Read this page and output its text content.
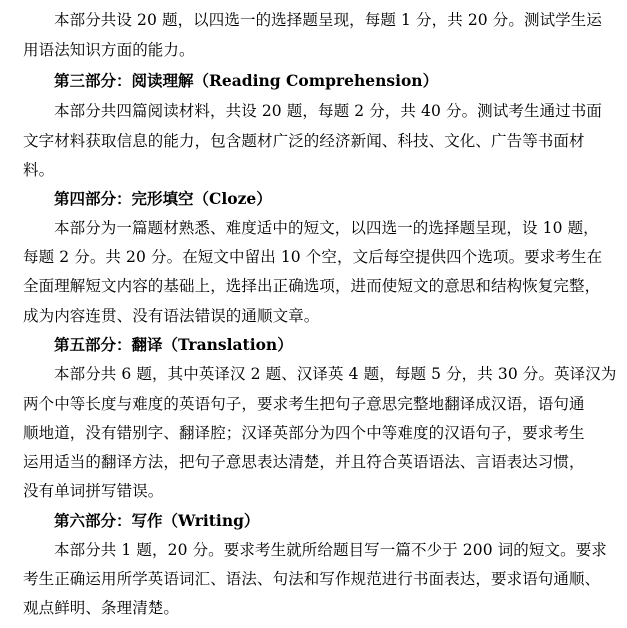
本部分共设 20 题，以四选一的选择题呈现，每题 1 分，共 20 分。测试学生运
用语法知识方面的能力。
第三部分：阅读理解（Reading Comprehension）
本部分共四篇阅读材料，共设 20 题，每题 2 分，共 40 分。测试考生通过书面
文字材料获取信息的能力，包含题材广泛的经济新闻、科技、文化、广告等书面材
料。
第四部分：完形填空（Cloze）
本部分为一篇题材熟悉、难度适中的短文，以四选一的选择题呈现，设 10 题，
每题 2 分。共 20 分。在短文中留出 10 个空，文后每空提供四个选项。要求考生在
全面理解短文内容的基础上，选择出正确选项，进而使短文的意思和结构恢复完整，
成为内容连贯、没有语法错误的通顺文章。
第五部分：翻译（Translation）
本部分共 6 题，其中英译汉 2 题、汉译英 4 题，每题 5 分，共 30 分。英译汉为
两个中等长度与难度的英语句子，要求考生把句子意思完整地翻译成汉语，语句通
顺地道，没有错别字、翻译腔；汉译英部分为四个中等难度的汉语句子，要求考生
运用适当的翻译方法，把句子意思表达清楚，并且符合英语语法、言语表达习惯，
没有单词拼写错误。
第六部分：写作（Writing）
本部分共 1 题，20 分。要求考生就所给题目写一篇不少于 200 词的短文。要求
考生正确运用所学英语词汇、语法、句法和写作规范进行书面表达，要求语句通顺、
观点鲜明、条理清楚。
